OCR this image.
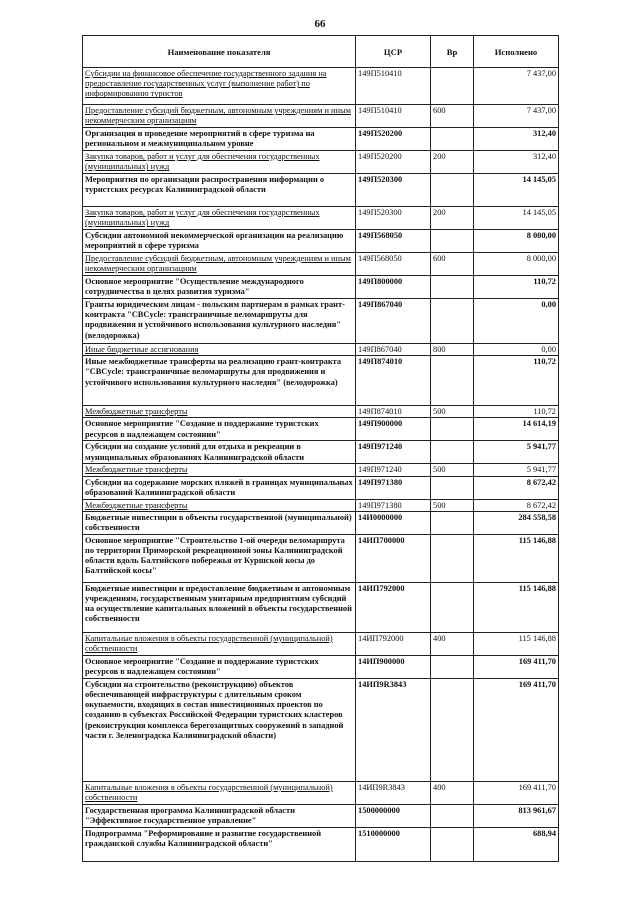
66
Наименование показателя	ЦСР	Вр	Исполнено
Субсидии на финансовое обеспечение государственного задания на предоставление государственных услуг (выполнение работ) по информированию туристов	149П510410		7 437,00
Предоставление субсидий бюджетным, автономным учреждениям и иным некоммерческим организациям	149П510410	600	7 437,00
Организация и проведение мероприятий в сфере туризма на региональном и межмуниципальном уровне	149П520200		312,40
Закупка товаров, работ и услуг для обеспечения государственных (муниципальных) нужд	149П520200	200	312,40
Мероприятия по организации распространения информации о туристских ресурсах Калининградской области	149П520300		14 145,05
Закупка товаров, работ и услуг для обеспечения государственных (муниципальных) нужд	149П520300	200	14 145,05
Субсидии автономной некоммерческой организации на реализацию мероприятий в сфере туризма	149П568050		8 000,00
Предоставление субсидий бюджетным, автономным учреждениям и иным некоммерческим организациям	149П568050	600	8 000,00
Основное мероприятие "Осуществление международного сотрудничества в целях развития туризма"	149П800000		110,72
Гранты юридическим лицам - польским партнерам в рамках грант-контракта "CBCycle: трансграничные веломаршруты для продвижения и устойчивого использования культурного наследия" (велодорожка)	149П867040		0,00
Иные бюджетные ассигнования	149П867040	800	0,00
Иные межбюджетные трансферты на реализацию грант-контракта "CBCycle: трансграничные веломаршруты для продвижения и устойчивого использования культурного наследия" (велодорожка)	149П874010		110,72
Межбюджетные трансферты	149П874010	500	110,72
Основное мероприятие "Создание и поддержание туристских ресурсов в надлежащем состоянии"	149П900000		14 614,19
Субсидии на создание условий для отдыха и рекреации в муниципальных образованиях Калининградской области	149П971240		5 941,77
Межбюджетные трансферты	149П971240	500	5 941,77
Субсидии на содержание морских пляжей в границах муниципальных образований Калининградской области	149П971380		8 672,42
Межбюджетные трансферты	149П971380	500	8 672,42
Бюджетные инвестиции в объекты государственной (муниципальной) собственности	14И0000000		284 558,58
Основное мероприятие "Строительство 1-ой очереди веломаршрута по территории Приморской рекреационной зоны Калининградской области вдоль Балтийского побережья от Куршской косы до Балтийской косы"	14ИП700000		115 146,88
Бюджетные инвестиции и предоставление бюджетным и автономным учреждениям, государственным унитарным предприятиям субсидий на осуществление капитальных вложений в объекты государственной собственности	14ИП792000		115 146,88
Капитальные вложения в объекты государственной (муниципальной) собственности	14ИП792000	400	115 146,88
Основное мероприятие "Создание и поддержание туристских ресурсов в надлежащем состоянии"	14ИП900000		169 411,70
Субсидии на строительство (реконструкцию) объектов обеспечивающей инфраструктуры с длительным сроком окупаемости, входящих в состав инвестиционных проектов по созданию в субъектах Российской Федерации туристских кластеров (реконструкция комплекса берегозащитных сооружений в западной части г. Зеленоградска Калининградской области)	14ИП9R3843		169 411,70
Капитальные вложения в объекты государственной (муниципальной) собственности	14ИП9R3843	400	169 411,70
Государственная программа Калининградской области "Эффективное государственное управление"	1500000000		813 961,67
Подпрограмма "Реформирование и развитие государственной гражданской службы Калининградской области"	1510000000		688,94
